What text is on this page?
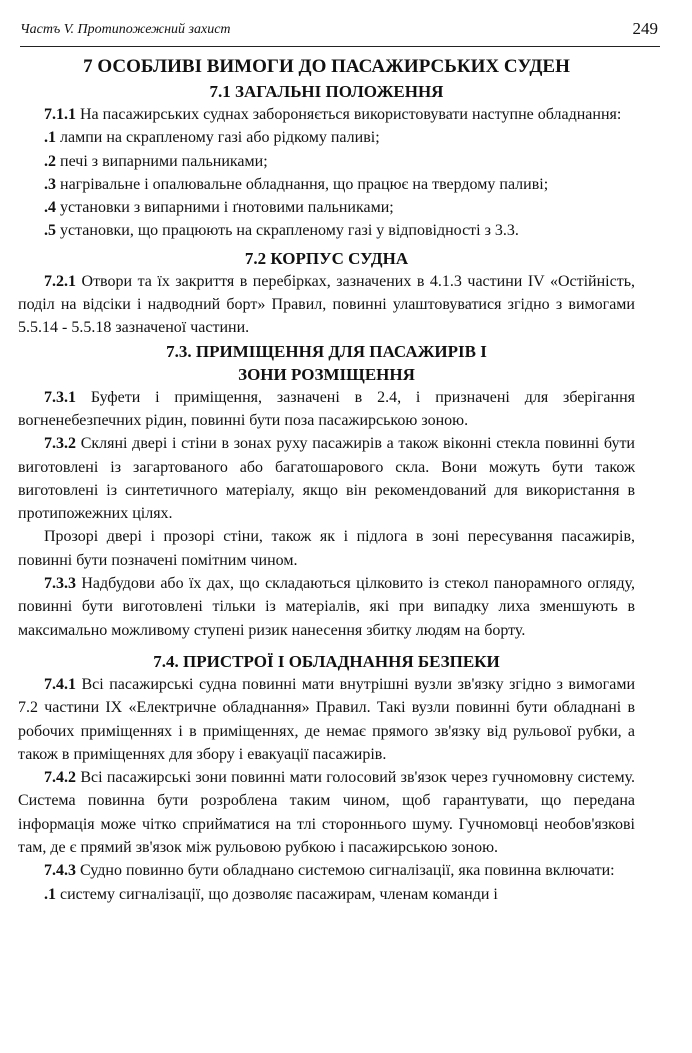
Частъ V. Протипожежний захист	249
7 ОСОБЛИВІ ВИМОГИ ДО ПАСАЖИРСЬКИХ СУДЕН
7.1 ЗАГАЛЬНІ ПОЛОЖЕННЯ

7.1.1 На пасажирських суднах забороняється використовувати наступне обладнання:

.1 лампи на скрапленому газі або рідкому паливі;

.2 печі з випарними пальниками;

.3 нагрівальне і опалювальне обладнання, що працює на твердому паливі;

.4 установки з випарними і ґнотовими пальниками;

.5 установки, що працюють на скрапленому газі у відповідності з 3.3.

7.2 КОРПУС СУДНА

7.2.1 Отвори та їх закриття в перебірках, зазначених в 4.1.3 частини IV «Остійність, поділ на відсіки і надводний борт» Правил, повинні улаштовуватися згідно з вимогами 5.5.14 - 5.5.18 зазначеної частини.

7.3. ПРИМІЩЕННЯ ДЛЯ ПАСАЖИРІВ І
ЗОНИ РОЗМІЩЕННЯ

7.3.1 Буфети і приміщення, зазначені в 2.4, і призначені для зберігання вогненебезпечних рідин, повинні бути поза пасажирською зоною.

7.3.2 Скляні двері і стіни в зонах руху пасажирів а також віконні стекла повинні бути виготовлені із загартованого або багатошарового скла. Вони можуть бути також виготовлені із синтетичного матеріалу, якщо він рекомендований для використання в протипожежних цілях.

Прозорі двері і прозорі стіни, також як і підлога в зоні пересування пасажирів, повинні бути позначені помітним чином.

7.3.3 Надбудови або їх дах, що складаються цілковито із стекол панорамного огляду, повинні бути виготовлені тільки із матеріалів, які при випадку лиха зменшують в максимально можливому ступені ризик нанесення збитку людям на борту.

7.4. ПРИСТРОЇ І ОБЛАДНАННЯ БЕЗПЕКИ

7.4.1 Всі пасажирські судна повинні мати внутрішні вузли зв'язку згідно з вимогами 7.2 частини IX «Електричне обладнання» Правил. Такі вузли повинні бути обладнані в робочих приміщеннях і в приміщеннях, де немає прямого зв'язку від рульової рубки, а також в приміщеннях для збору і евакуації пасажирів.

7.4.2 Всі пасажирські зони повинні мати голосовий зв'язок через гучномовну систему. Система повинна бути розроблена таким чином, щоб гарантувати, що передана інформація може чітко сприйматися на тлі стороннього шуму. Гучномовці необов'язкові там, де є прямий зв'язок між рульовою рубкою і пасажирською зоною.

7.4.3 Судно повинно бути обладнано системою сигналізації, яка повинна включати:

.1 систему сигналізації, що дозволяє пасажирам, членам команди і
